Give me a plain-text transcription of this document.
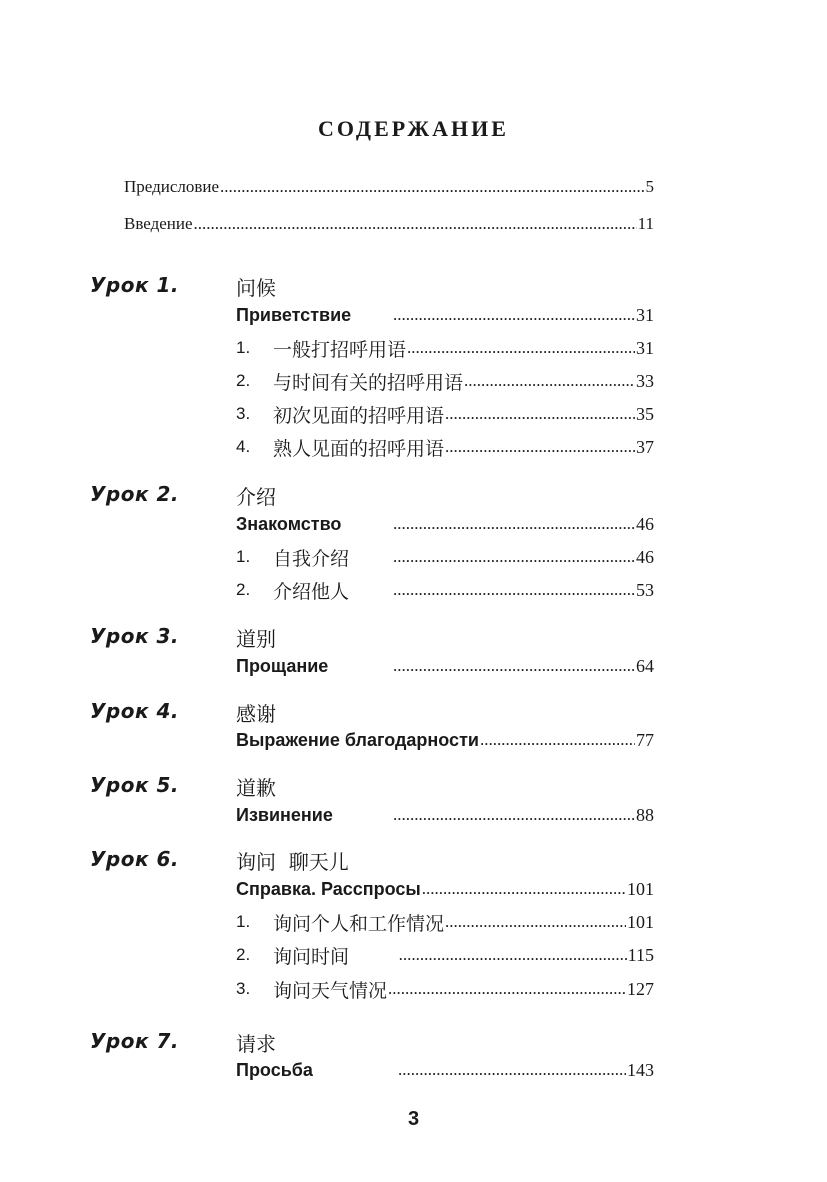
СОДЕРЖАНИЕ
Предисловие .....	5
Введение .....	11
Урок 1.	问候
Приветствие .....	31
1.	一般打招呼用语 .....	31
2.	与时间有关的招呼用语 .....	33
3.	初次见面的招呼用语 .....	35
4.	熟人见面的招呼用语 .....	37
Урок 2.	介绍
Знакомство .....	46
1.	自我介绍 .....	46
2.	介绍他人 .....	53
Урок 3.	道别
Прощание .....	64
Урок 4.	感谢
Выражение благодарности .....	77
Урок 5.	道歉
Извинение .....	88
Урок 6.	询问  聊天儿
Справка. Расспросы .....	101
1.	询问个人和工作情况 .....	101
2.	询问时间 .....	115
3.	询问天气情况 .....	127
Урок 7.	请求
Просьба .....	143
3
